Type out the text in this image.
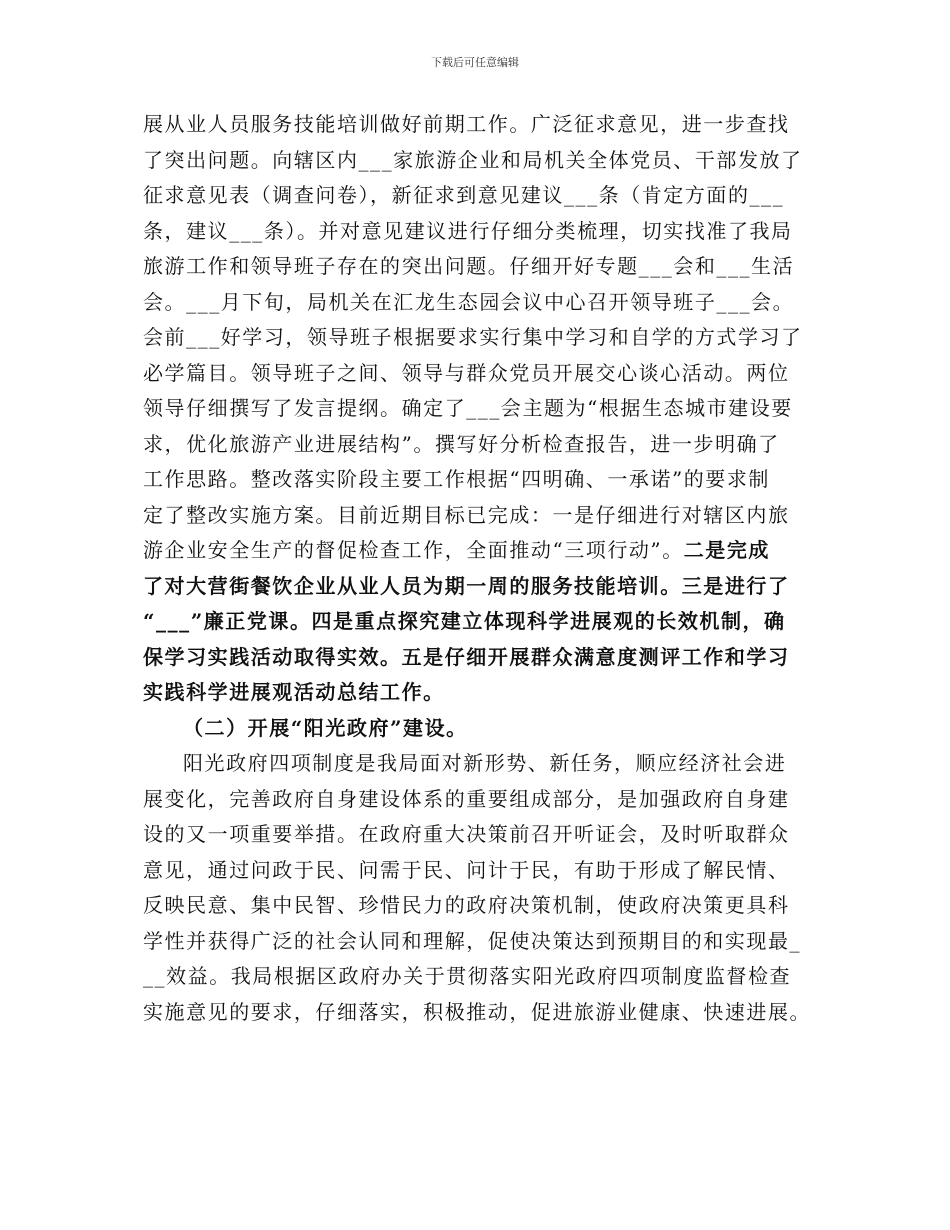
下载后可任意编辑
展从业人员服务技能培训做好前期工作。广泛征求意见，进一步查找
了突出问题。向辖区内___家旅游企业和局机关全体党员、干部发放了
征求意见表（调查问卷），新征求到意见建议___条（肯定方面的___
条，建议___条）。并对意见建议进行仔细分类梳理，切实找准了我局
旅游工作和领导班子存在的突出问题。仔细开好专题___会和___生活
会。___月下旬，局机关在汇龙生态园会议中心召开领导班子___会。
会前___好学习，领导班子根据要求实行集中学习和自学的方式学习了
必学篇目。领导班子之间、领导与群众党员开展交心谈心活动。两位
领导仔细撰写了发言提纲。确定了___会主题为“根据生态城市建设要
求，优化旅游产业进展结构”。撰写好分析检查报告，进一步明确了
工作思路。整改落实阶段主要工作根据“四明确、一承诺”的要求制
定了整改实施方案。目前近期目标已完成：一是仔细进行对辖区内旅
游企业安全生产的督促检查工作，全面推动“三项行动”。二是完成
了对大营街餐饮企业从业人员为期一周的服务技能培训。三是进行了
“___”廉正党课。四是重点探究建立体现科学进展观的长效机制，确
保学习实践活动取得实效。五是仔细开展群众满意度测评工作和学习
实践科学进展观活动总结工作。
（二）开展“阳光政府”建设。
阳光政府四项制度是我局面对新形势、新任务，顺应经济社会进
展变化，完善政府自身建设体系的重要组成部分，是加强政府自身建
设的又一项重要举措。在政府重大决策前召开听证会，及时听取群众
意见，通过问政于民、问需于民、问计于民，有助于形成了解民情、
反映民意、集中民智、珍惜民力的政府决策机制，使政府决策更具科
学性并获得广泛的社会认同和理解，促使决策达到预期目的和实现最_
__效益。我局根据区政府办关于贯彻落实阳光政府四项制度监督检查
实施意见的要求，仔细落实，积极推动，促进旅游业健康、快速进展。
